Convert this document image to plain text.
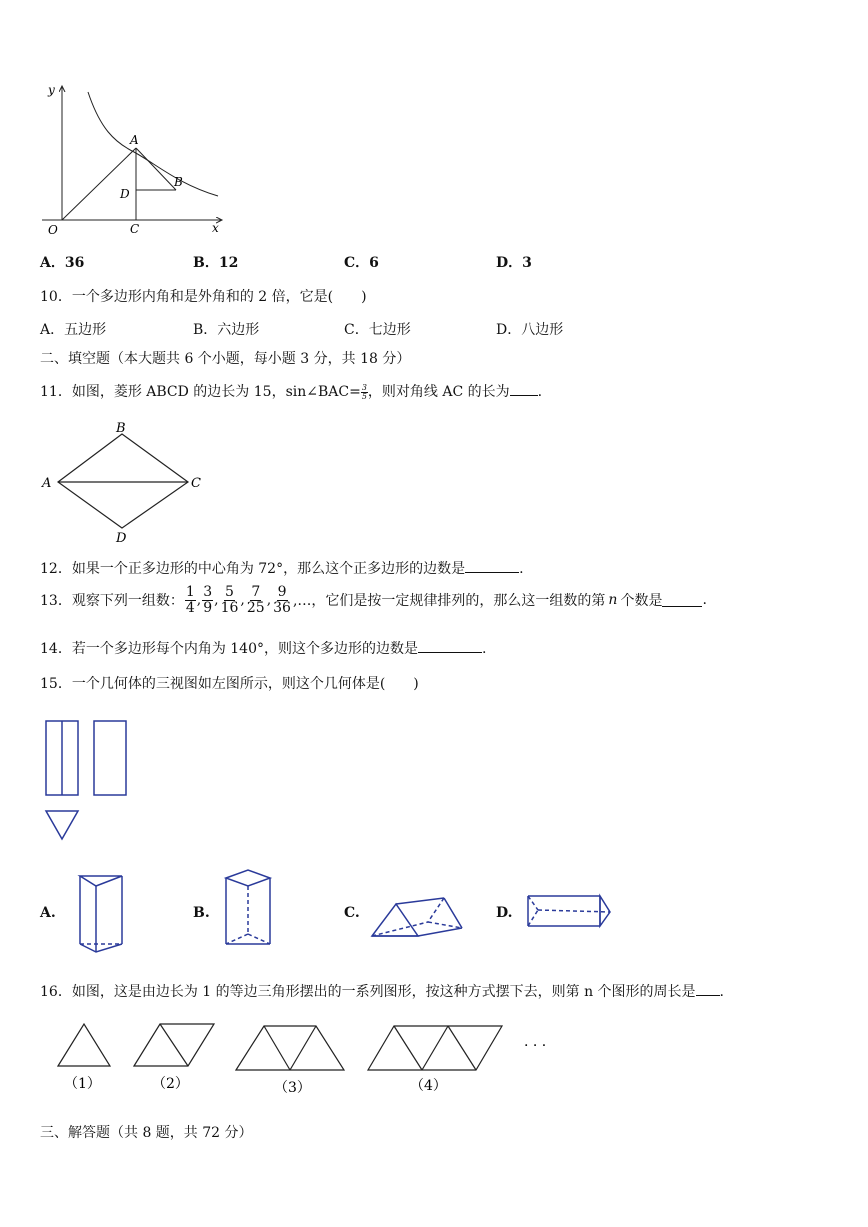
y
A
B
D
C
O	x
A．36	B．12	C．6	D．3
10．一个多边形内角和是外角和的 2 倍，它是(　　)
A．五边形	B．六边形	C．七边形	D．八边形
二、填空题（本大题共 6 个小题，每小题 3 分，共 18 分）
11．如图，菱形 ABCD 的边长为 15，sin∠BAC= $\frac{3}{5}$ ，则对角线 AC 的长为 .
A
B
C
D
12．如果一个正多边形的中心角为 72°，那么这个正多边形的边数是	.
13．观察下列一组数： $\frac{1}{4}$ , $\frac{3}{9}$ , $\frac{5}{16}$ , $\frac{7}{25}$ , $\frac{9}{36}$ ,…， 它们是按一定规律排列的，那么这一组数的第 n 个数是	.
14．若一个多边形每个内角为 140°，则这个多边形的边数是	.
15．一个几何体的三视图如左图所示，则这个几何体是(　　)
A.	B.	C.	D.
16．如图，这是由边长为 1 的等边三角形摆出的一系列图形，按这种方式摆下去，则第 n 个图形的周长是 .
（1）	（2）	（3）	（4）
· · ·
三、解答题（共 8 题，共 72 分）
